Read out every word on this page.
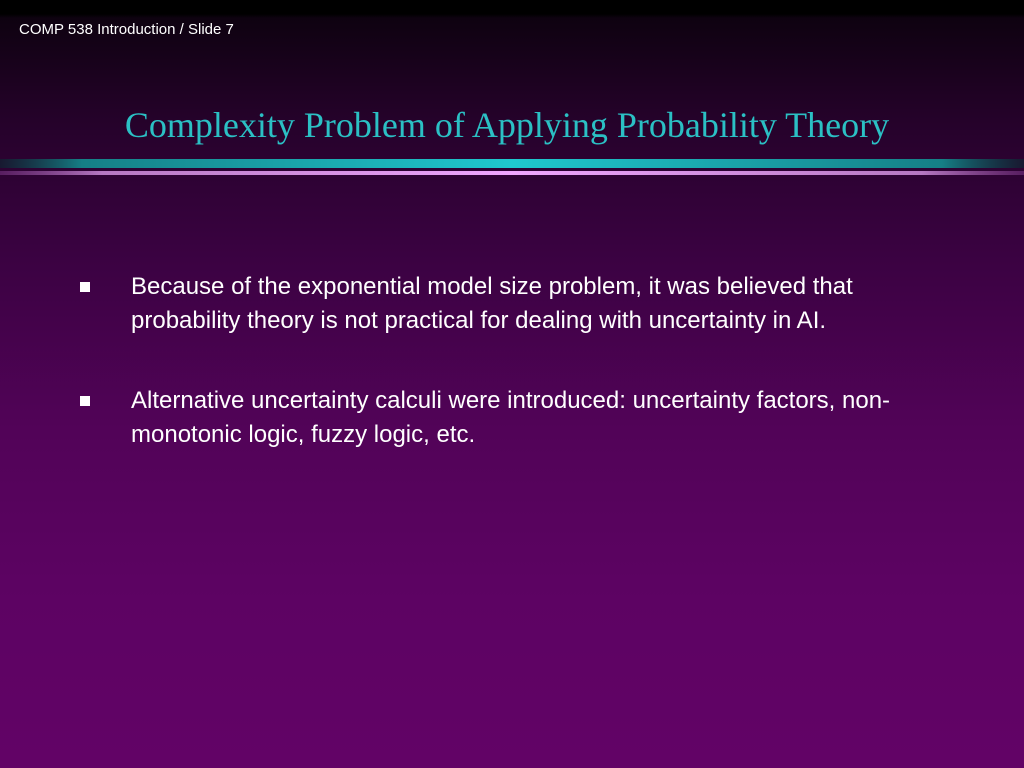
COMP 538 Introduction / Slide 7
Complexity Problem of Applying Probability Theory
Because of the exponential model size problem, it was believed that probability theory is not practical for dealing with uncertainty in AI.
Alternative uncertainty calculi were introduced: uncertainty factors, non-monotonic logic, fuzzy logic, etc.
